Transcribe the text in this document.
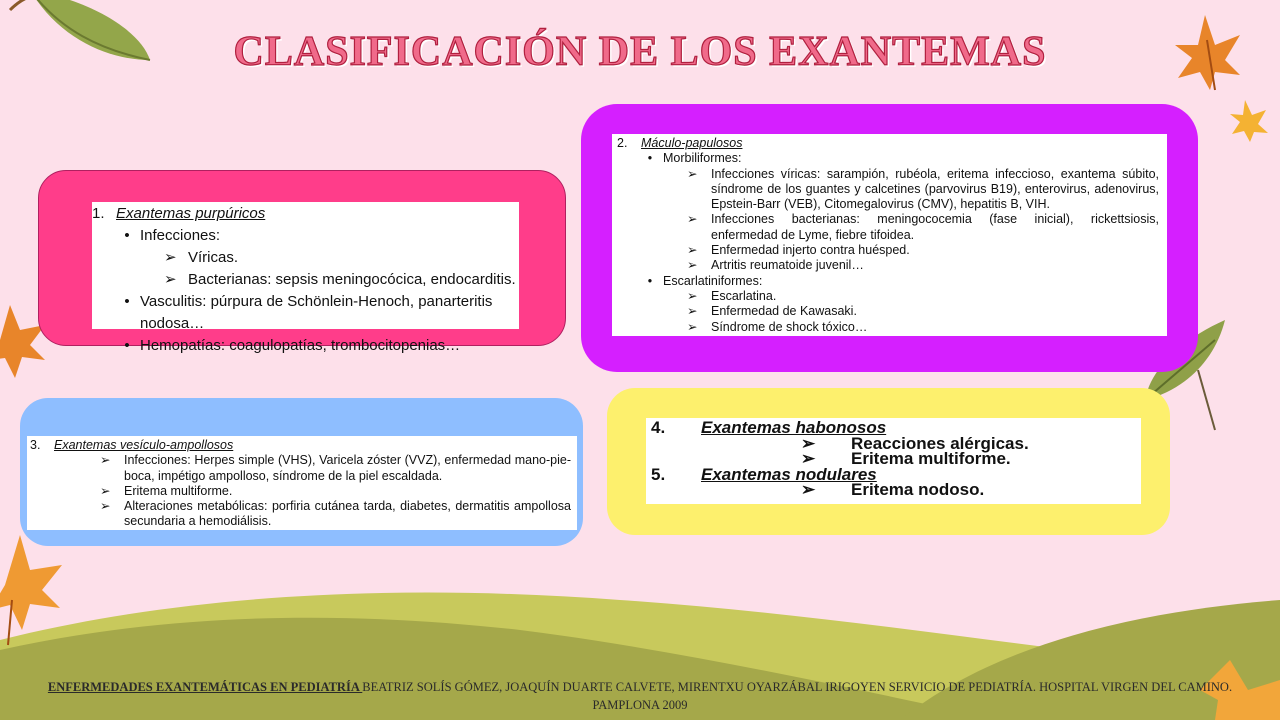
CLASIFICACIÓN DE LOS EXANTEMAS
1. Exantemas purpúricos
• Infecciones:
➢ Víricas.
➢ Bacterianas: sepsis meningocócica, endocarditis.
• Vasculitis: púrpura de Schönlein-Henoch, panarteritis nodosa…
• Hemopatías: coagulopatías, trombocitopenias…
2.	Máculo-papulosos
• Morbiliformes:
➢	Infecciones víricas: sarampión, rubéola, eritema infeccioso, exantema súbito, síndrome de los guantes y calcetines (parvovirus B19), enterovirus, adenovirus, Epstein-Barr (VEB), Citomegalovirus (CMV), hepatitis B, VIH.
➢	Infecciones bacterianas: meningococemia (fase inicial), rickettsiosis, enfermedad de Lyme, fiebre tifoidea.
➢	Enfermedad injerto contra huésped.
➢	Artritis reumatoide juvenil…
• Escarlatiniformes:
➢	Escarlatina.
➢	Enfermedad de Kawasaki.
➢	Síndrome de shock tóxico…
3.	Exantemas vesículo-ampollosos
➢	Infecciones: Herpes simple (VHS), Varicela zóster (VVZ), enfermedad mano-pie-boca, impétigo ampolloso, síndrome de la piel escaldada.
➢	Eritema multiforme.
➢	Alteraciones metabólicas: porfiria cutánea tarda, diabetes, dermatitis ampollosa secundaria a hemodiálisis.
4.	Exantemas habonosos
➢	Reacciones alérgicas.
➢	Eritema multiforme.
5.	Exantemas nodulares
➢	Eritema nodoso.
ENFERMEDADES EXANTEMÁTICAS EN PEDIATRÍA BEATRIZ SOLÍS GÓMEZ, JOAQUÍN DUARTE CALVETE, MIRENTXU OYARZÁBAL IRIGOYEN SERVICIO DE PEDIATRÍA. HOSPITAL VIRGEN DEL CAMINO. PAMPLONA 2009
